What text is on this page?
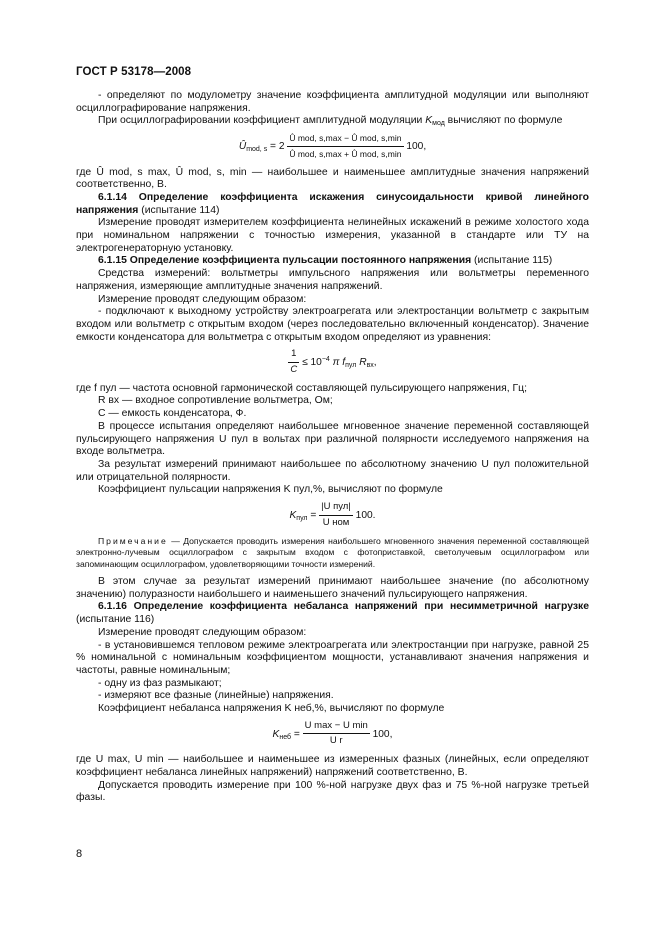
ГОСТ Р 53178—2008

- определяют по модулометру значение коэффициента амплитудной модуляции или выполняют осциллографирование напряжения.

При осциллографировании коэффициент амплитудной модуляции $K_{мод}$ вычисляют по формуле

$Û_{mod, s} = 2 \frac{\text{Û mod, s,max − Û mod, s,min}}{\text{Û mod, s,max + Û mod, s,min}} 100$,

где Û mod, s max, Û mod, s, min — наибольшее и наименьшее амплитудные значения напряжений соответственно, В.

6.1.14 Определение коэффициента искажения синусоидальности кривой линейного напряжения (испытание 114)

Измерение проводят измерителем коэффициента нелинейных искажений в режиме холостого хода при номинальном напряжении с точностью измерения, указанной в стандарте или ТУ на электрогенераторную установку.

6.1.15 Определение коэффициента пульсации постоянного напряжения (испытание 115)

Средства измерений: вольтметры импульсного напряжения или вольтметры переменного напряжения, измеряющие амплитудные значения напряжений.

Измерение проводят следующим образом:

- подключают к выходному устройству электроагрегата или электростанции вольтметр с закрытым входом или вольтметр с открытым входом (через последовательно включенный конденсатор). Значение емкости конденсатора для вольтметра с открытым входом определяют из уравнения:

$\frac{1}{C} \le 10^{-4}$ π $f_{пул}$ $R_{вх}$,

где f пул — частота основной гармонической составляющей пульсирующего напряжения, Гц;

R вх — входное сопротивление вольтметра, Ом;

C — емкость конденсатора, Ф.

В процессе испытания определяют наибольшее мгновенное значение переменной составляющей пульсирующего напряжения U пул в вольтах при различной полярности исследуемого напряжения на входе вольтметра.

За результат измерений принимают наибольшее по абсолютному значению U пул положительной или отрицательной полярности.

Коэффициент пульсации напряжения K пул,%, вычисляют по формуле

$K_{пул} = \frac{\text{|U пул|}}{\text{U ном}} 100$.

Примечание — Допускается проводить измерения наибольшего мгновенного значения переменной составляющей электронно-лучевым осциллографом с закрытым входом с фотоприставкой, светолучевым осциллографом или запоминающим осциллографом, удовлетворяющими точности измерений.

В этом случае за результат измерений принимают наибольшее значение (по абсолютному значению) полуразности наибольшего и наименьшего значений пульсирующего напряжения.

6.1.16 Определение коэффициента небаланса напряжений при несимметричной нагрузке (испытание 116)

Измерение проводят следующим образом:

- в установившемся тепловом режиме электроагрегата или электростанции при нагрузке, равной 25 % номинальной с номинальным коэффициентом мощности, устанавливают значения напряжения и частоты, равные номинальным;

- одну из фаз размыкают;

- измеряют все фазные (линейные) напряжения.

Коэффициент небаланса напряжения K неб,%, вычисляют по формуле

$K_{неб} = \frac{\text{U max − U min}}{\text{U r}} 100$,

где U max, U min — наибольшее и наименьшее из измеренных фазных (линейных, если определяют коэффициент небаланса линейных напряжений) напряжений соответственно, В.

Допускается проводить измерение при 100 %-ной нагрузке двух фаз и 75 %-ной нагрузке третьей фазы.

8
